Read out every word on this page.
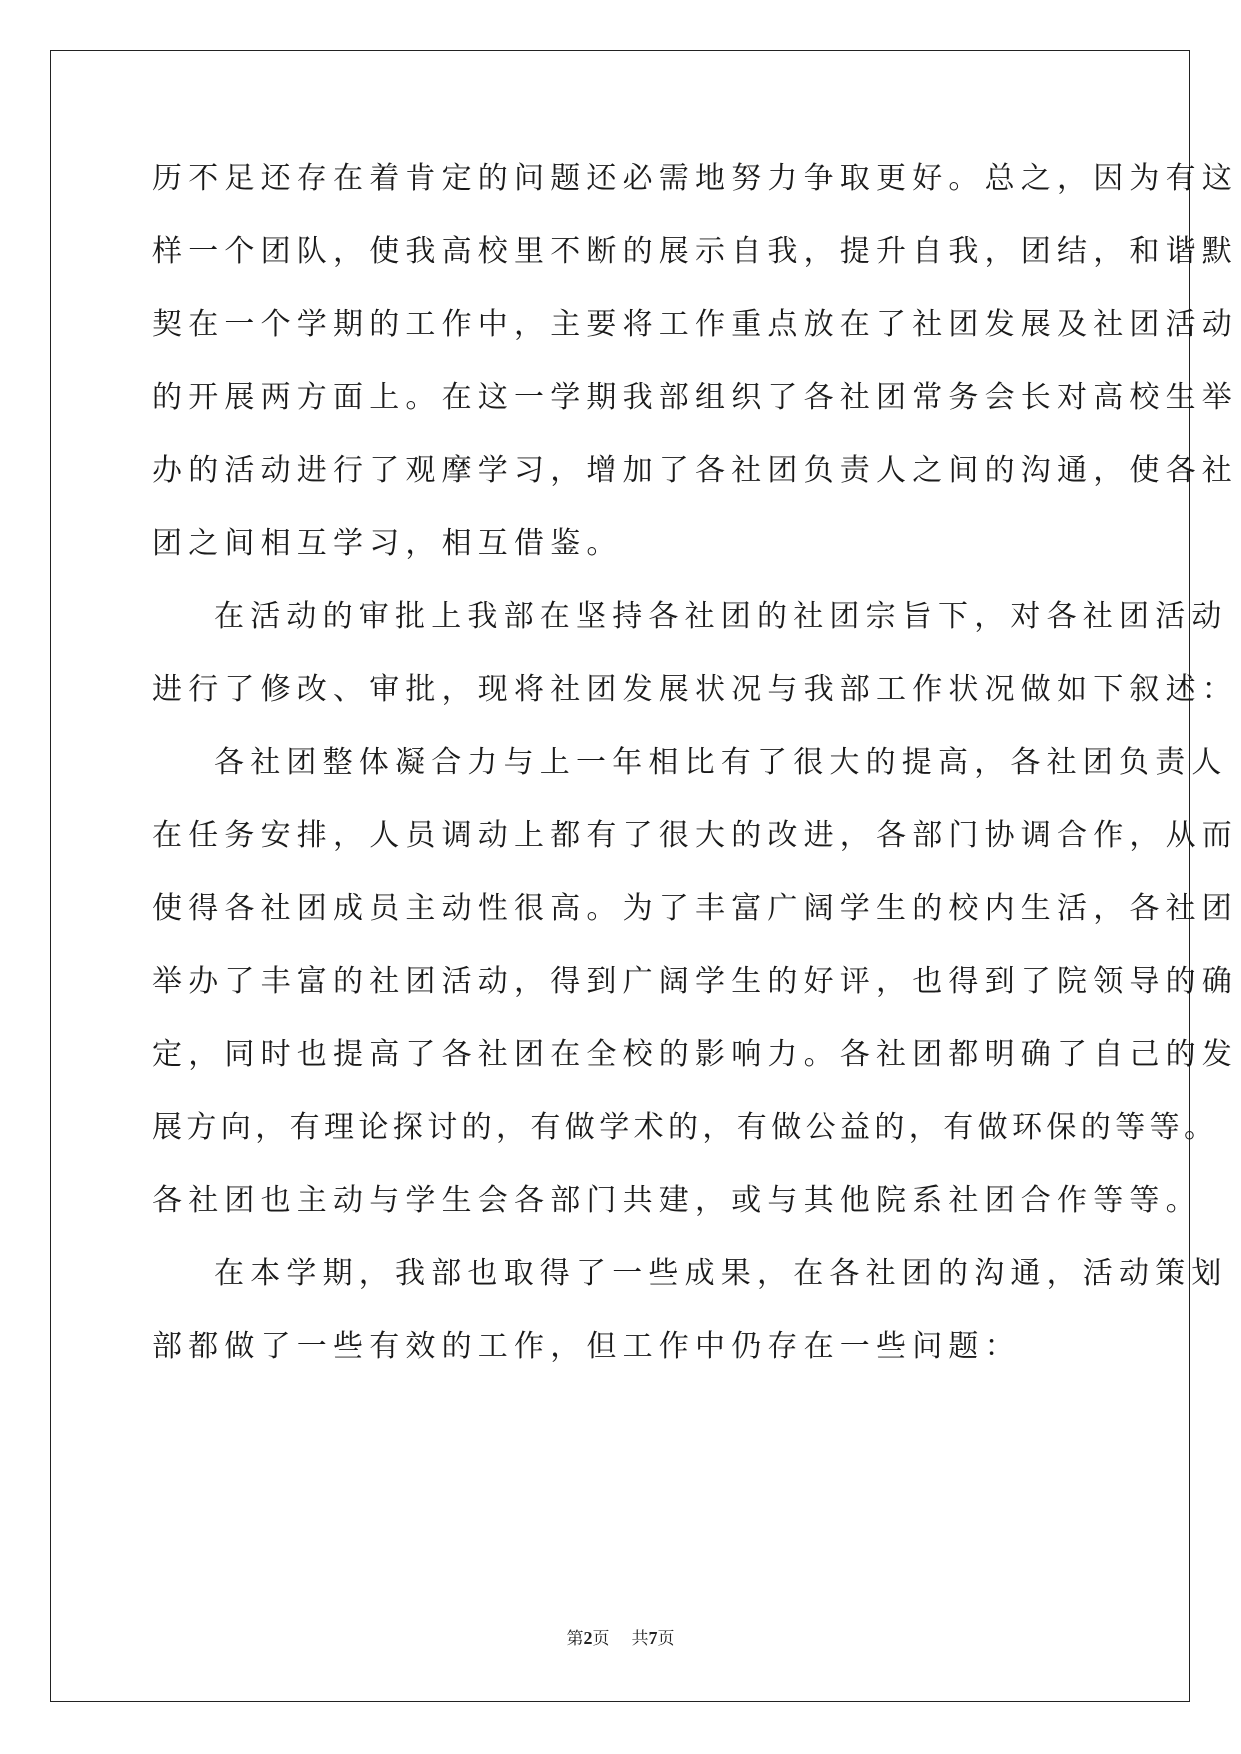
历不足还存在着肯定的问题还必需地努力争取更好。总之，因为有这
样一个团队，使我高校里不断的展示自我，提升自我，团结，和谐默
契在一个学期的工作中，主要将工作重点放在了社团发展及社团活动
的开展两方面上。在这一学期我部组织了各社团常务会长对高校生举
办的活动进行了观摩学习，增加了各社团负责人之间的沟通，使各社
团之间相互学习，相互借鉴。
在活动的审批上我部在坚持各社团的社团宗旨下，对各社团活动
进行了修改、审批，现将社团发展状况与我部工作状况做如下叙述：
各社团整体凝合力与上一年相比有了很大的提高，各社团负责人
在任务安排，人员调动上都有了很大的改进，各部门协调合作，从而
使得各社团成员主动性很高。为了丰富广阔学生的校内生活，各社团
举办了丰富的社团活动，得到广阔学生的好评，也得到了院领导的确
定，同时也提高了各社团在全校的影响力。各社团都明确了自己的发
展方向，有理论探讨的，有做学术的，有做公益的，有做环保的等等。
各社团也主动与学生会各部门共建，或与其他院系社团合作等等。
在本学期，我部也取得了一些成果，在各社团的沟通，活动策划
部都做了一些有效的工作，但工作中仍存在一些问题：
第2页 共7页
